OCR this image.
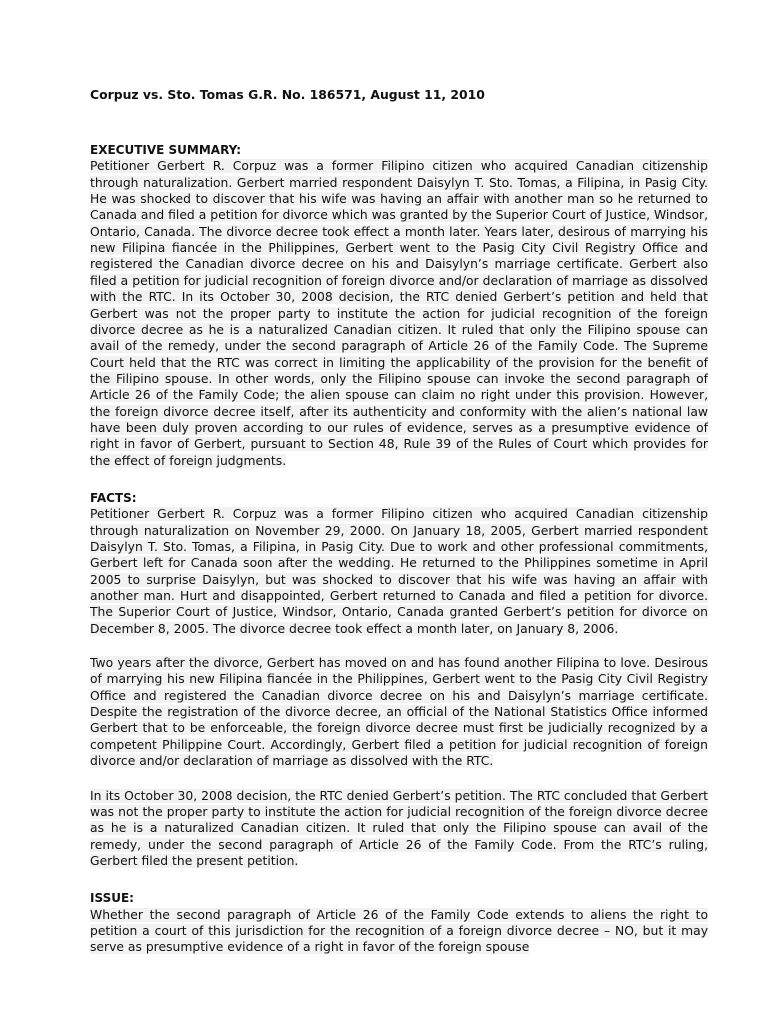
Corpuz vs. Sto. Tomas G.R. No. 186571, August 11, 2010

EXECUTIVE SUMMARY:

Petitioner Gerbert R. Corpuz was a former Filipino citizen who acquired Canadian citizenship through naturalization. Gerbert married respondent Daisylyn T. Sto. Tomas, a Filipina, in Pasig City. He was shocked to discover that his wife was having an affair with another man so he returned to Canada and filed a petition for divorce which was granted by the Superior Court of Justice, Windsor, Ontario, Canada. The divorce decree took effect a month later. Years later, desirous of marrying his new Filipina fiancée in the Philippines, Gerbert went to the Pasig City Civil Registry Office and registered the Canadian divorce decree on his and Daisylyn’s marriage certificate. Gerbert also filed a petition for judicial recognition of foreign divorce and/or declaration of marriage as dissolved with the RTC. In its October 30, 2008 decision, the RTC denied Gerbert’s petition and held that Gerbert was not the proper party to institute the action for judicial recognition of the foreign divorce decree as he is a naturalized Canadian citizen. It ruled that only the Filipino spouse can avail of the remedy, under the second paragraph of Article 26 of the Family Code. The Supreme Court held that the RTC was correct in limiting the applicability of the provision for the benefit of the Filipino spouse. In other words, only the Filipino spouse can invoke the second paragraph of Article 26 of the Family Code; the alien spouse can claim no right under this provision. However, the foreign divorce decree itself, after its authenticity and conformity with the alien’s national law have been duly proven according to our rules of evidence, serves as a presumptive evidence of right in favor of Gerbert, pursuant to Section 48, Rule 39 of the Rules of Court which provides for the effect of foreign judgments.

FACTS:

Petitioner Gerbert R. Corpuz was a former Filipino citizen who acquired Canadian citizenship through naturalization on November 29, 2000. On January 18, 2005, Gerbert married respondent Daisylyn T. Sto. Tomas, a Filipina, in Pasig City. Due to work and other professional commitments, Gerbert left for Canada soon after the wedding. He returned to the Philippines sometime in April 2005 to surprise Daisylyn, but was shocked to discover that his wife was having an affair with another man. Hurt and disappointed, Gerbert returned to Canada and filed a petition for divorce. The Superior Court of Justice, Windsor, Ontario, Canada granted Gerbert’s petition for divorce on December 8, 2005. The divorce decree took effect a month later, on January 8, 2006.

Two years after the divorce, Gerbert has moved on and has found another Filipina to love. Desirous of marrying his new Filipina fiancée in the Philippines, Gerbert went to the Pasig City Civil Registry Office and registered the Canadian divorce decree on his and Daisylyn’s marriage certificate. Despite the registration of the divorce decree, an official of the National Statistics Office informed Gerbert that to be enforceable, the foreign divorce decree must first be judicially recognized by a competent Philippine Court. Accordingly, Gerbert filed a petition for judicial recognition of foreign divorce and/or declaration of marriage as dissolved with the RTC.

In its October 30, 2008 decision, the RTC denied Gerbert’s petition. The RTC concluded that Gerbert was not the proper party to institute the action for judicial recognition of the foreign divorce decree as he is a naturalized Canadian citizen. It ruled that only the Filipino spouse can avail of the remedy, under the second paragraph of Article 26 of the Family Code. From the RTC’s ruling, Gerbert filed the present petition.

ISSUE:

Whether the second paragraph of Article 26 of the Family Code extends to aliens the right to petition a court of this jurisdiction for the recognition of a foreign divorce decree – NO, but it may serve as presumptive evidence of a right in favor of the foreign spouse
